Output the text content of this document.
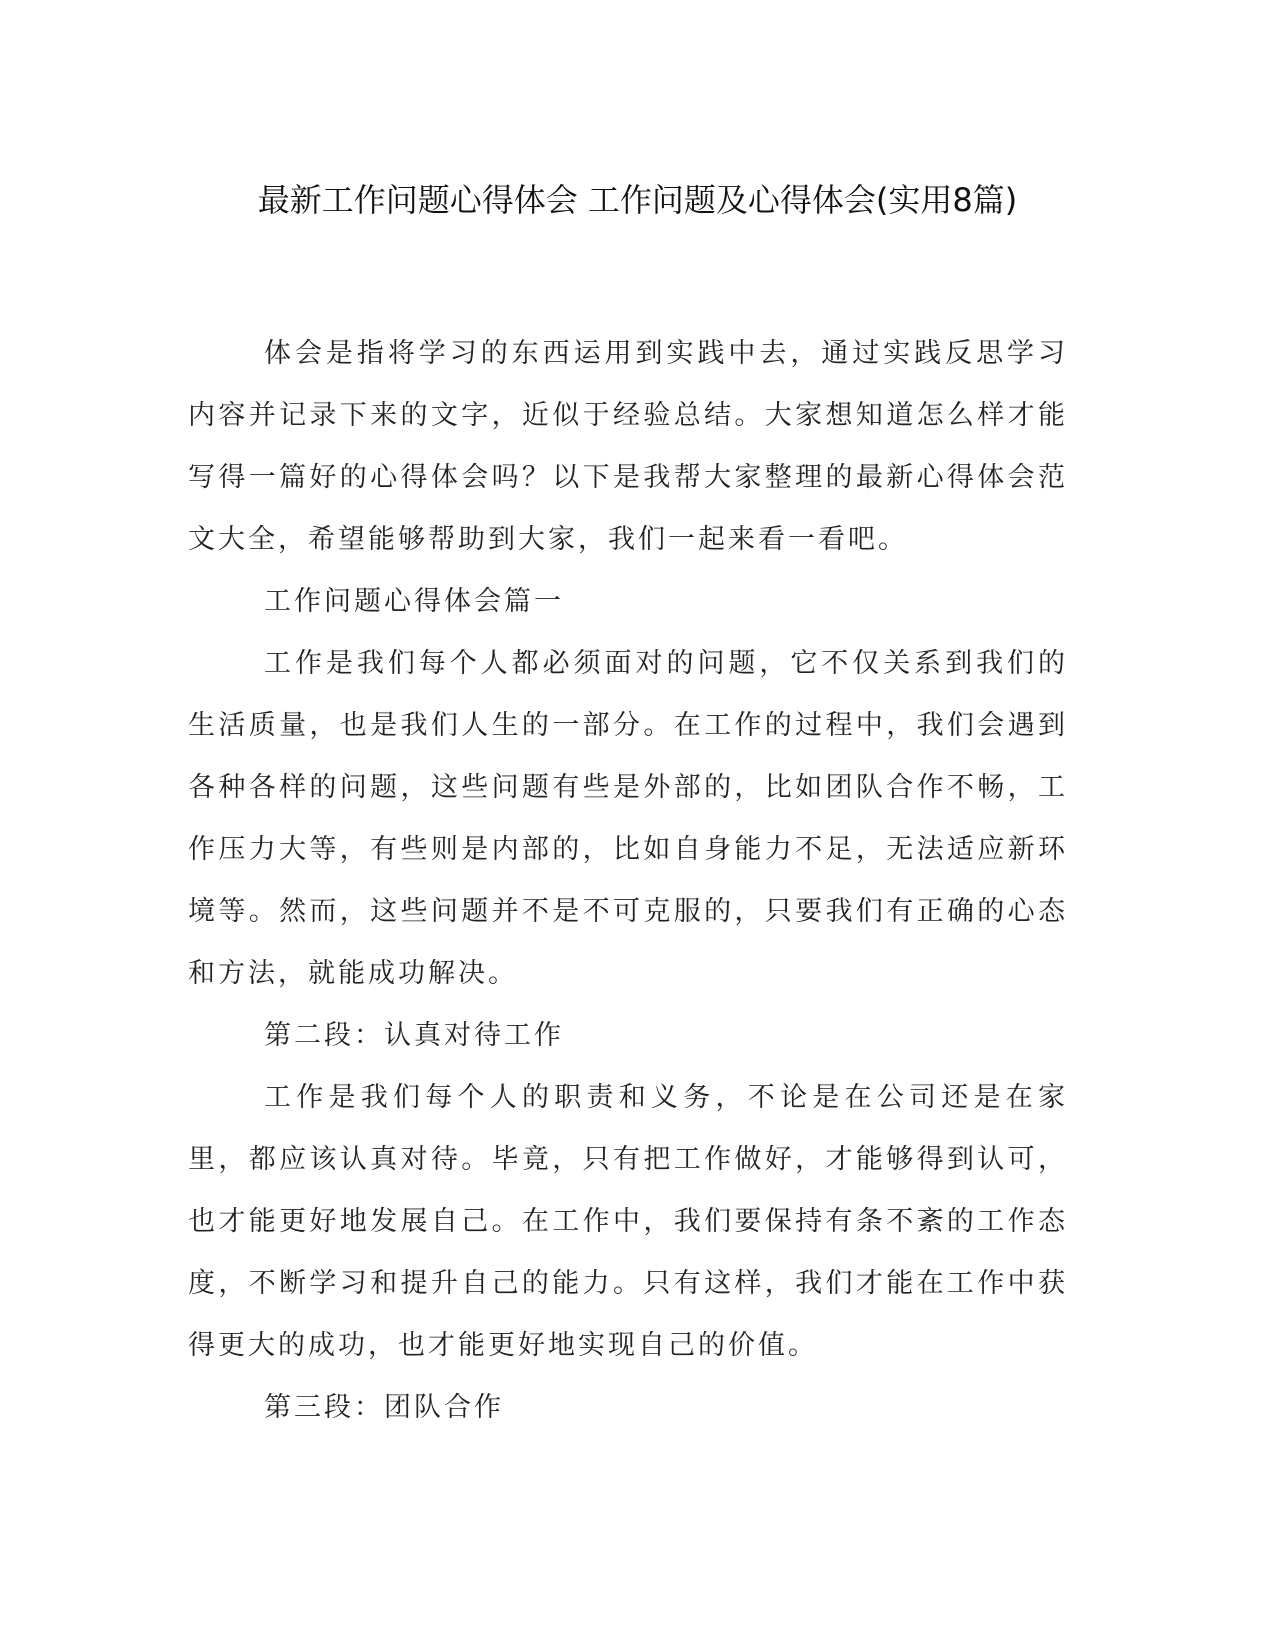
最新工作问题心得体会 工作问题及心得体会(实用8篇)

体会是指将学习的东西运用到实践中去，通过实践反思学习内容并记录下来的文字，近似于经验总结。大家想知道怎么样才能写得一篇好的心得体会吗？以下是我帮大家整理的最新心得体会范文大全，希望能够帮助到大家，我们一起来看一看吧。

工作问题心得体会篇一

工作是我们每个人都必须面对的问题，它不仅关系到我们的生活质量，也是我们人生的一部分。在工作的过程中，我们会遇到各种各样的问题，这些问题有些是外部的，比如团队合作不畅，工作压力大等，有些则是内部的，比如自身能力不足，无法适应新环境等。然而，这些问题并不是不可克服的，只要我们有正确的心态和方法，就能成功解决。

第二段：认真对待工作

工作是我们每个人的职责和义务，不论是在公司还是在家里，都应该认真对待。毕竟，只有把工作做好，才能够得到认可，也才能更好地发展自己。在工作中，我们要保持有条不紊的工作态度，不断学习和提升自己的能力。只有这样，我们才能在工作中获得更大的成功，也才能更好地实现自己的价值。

第三段：团队合作
